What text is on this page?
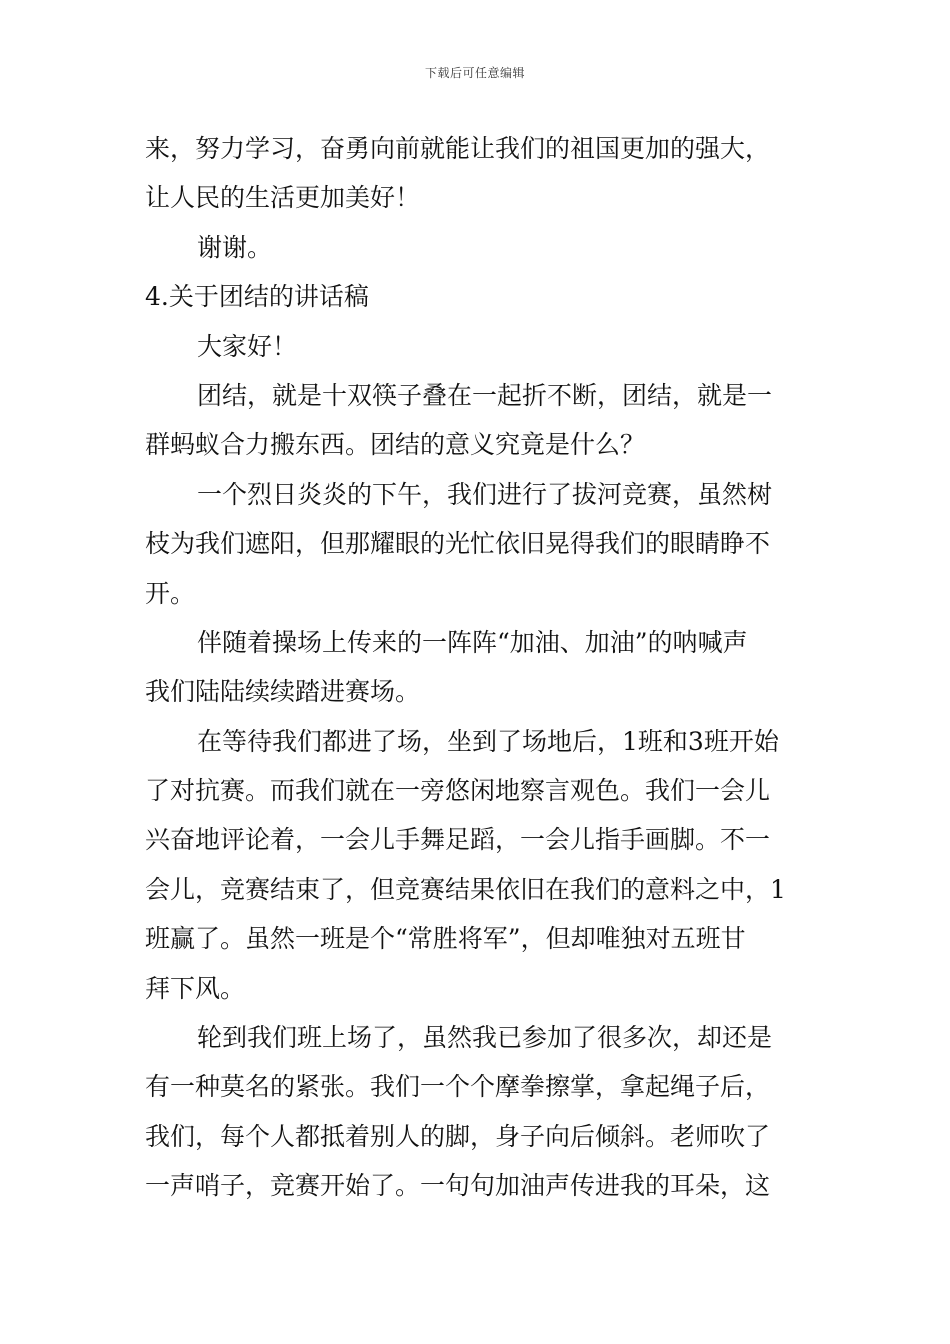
下载后可任意编辑
来，努力学习，奋勇向前就能让我们的祖国更加的强大，
让人民的生活更加美好！
谢谢。
4.关于团结的讲话稿
大家好！
团结，就是十双筷子叠在一起折不断，团结，就是一
群蚂蚁合力搬东西。团结的意义究竟是什么？
一个烈日炎炎的下午，我们进行了拔河竞赛，虽然树
枝为我们遮阳，但那耀眼的光忙依旧晃得我们的眼睛睁不
开。
伴随着操场上传来的一阵阵“加油、加油”的呐喊声
我们陆陆续续踏进赛场。
在等待我们都进了场，坐到了场地后，1班和3班开始
了对抗赛。而我们就在一旁悠闲地察言观色。我们一会儿
兴奋地评论着，一会儿手舞足蹈，一会儿指手画脚。不一
会儿，竞赛结束了，但竞赛结果依旧在我们的意料之中，1
班赢了。虽然一班是个“常胜将军”，但却唯独对五班甘
拜下风。
轮到我们班上场了，虽然我已参加了很多次，却还是
有一种莫名的紧张。我们一个个摩拳擦掌，拿起绳子后，
我们，每个人都抵着别人的脚，身子向后倾斜。老师吹了
一声哨子，竞赛开始了。一句句加油声传进我的耳朵，这
